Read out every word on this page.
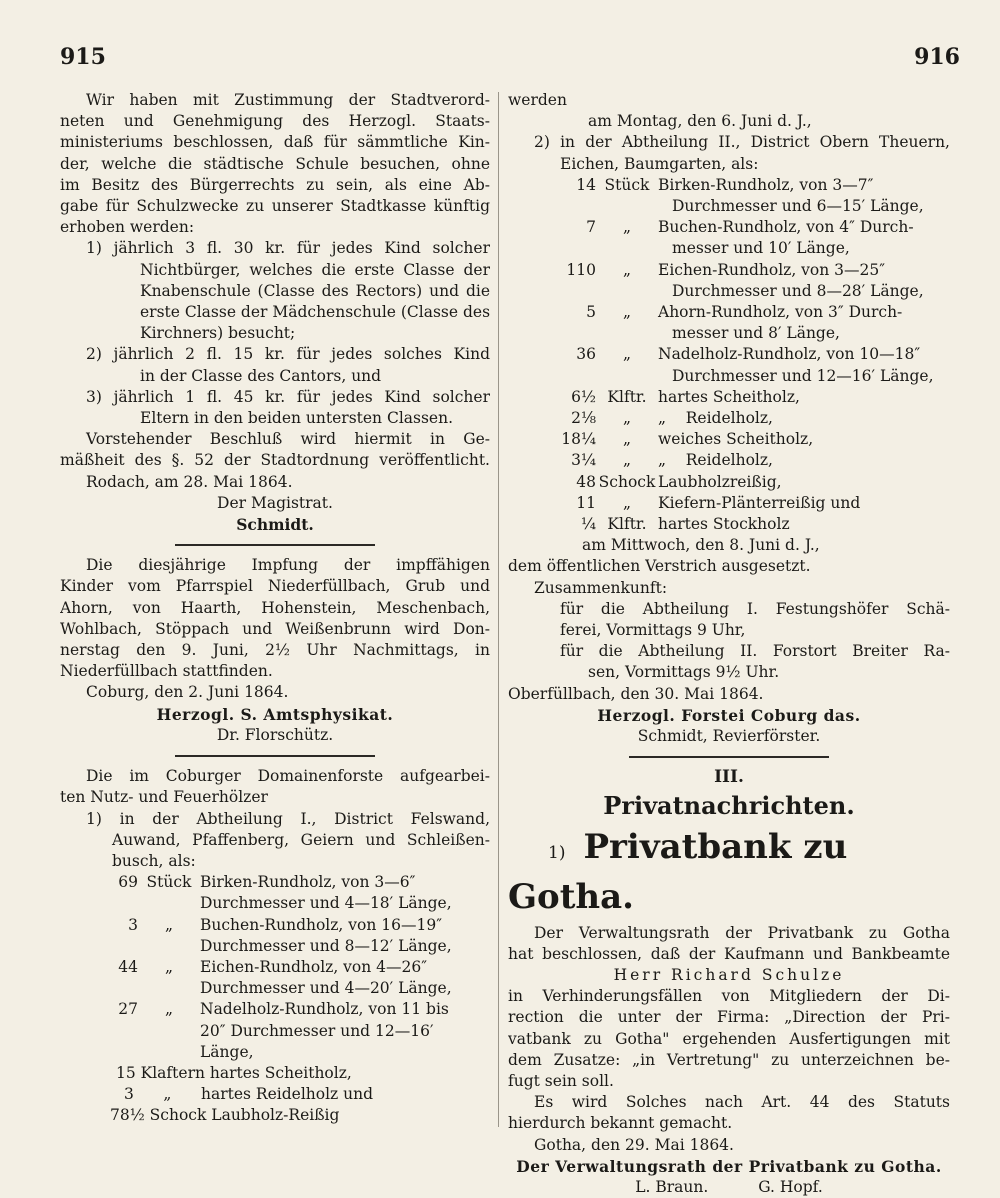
915	916
Wir haben mit Zustimmung der Stadtverord-
neten und Genehmigung des Herzogl. Staats-
ministeriums beschlossen, daß für sämmtliche Kin-
der, welche die städtische Schule besuchen, ohne
im Besitz des Bürgerrechts zu sein, als eine Ab-
gabe für Schulzwecke zu unserer Stadtkasse künftig
erhoben werden:
1) jährlich 3 fl. 30 kr. für jedes Kind solcher
Nichtbürger, welches die erste Classe der
Knabenschule (Classe des Rectors) und die
erste Classe der Mädchenschule (Classe des
Kirchners) besucht;
2) jährlich 2 fl. 15 kr. für jedes solches Kind
in der Classe des Cantors, und
3) jährlich 1 fl. 45 kr. für jedes Kind solcher
Eltern in den beiden untersten Classen.
Vorstehender Beschluß wird hiermit in Ge-
mäßheit des §. 52 der Stadtordnung veröffentlicht.
Rodach, am 28. Mai 1864.
Der Magistrat.
Schmidt.
Die diesjährige Impfung der impffähigen
Kinder vom Pfarrspiel Niederfüllbach, Grub und
Ahorn, von Haarth, Hohenstein, Meschenbach,
Wohlbach, Stöppach und Weißenbrunn wird Don-
nerstag den 9. Juni, 2½ Uhr Nachmittags, in
Niederfüllbach stattfinden.
Coburg, den 2. Juni 1864.
Herzogl. S. Amtsphysikat.
Dr. Florschütz.
Die im Coburger Domainenforste aufgearbei-
ten Nutz- und Feuerhölzer
1) in der Abtheilung I., District Felswand,
Auwand, Pfaffenberg, Geiern und Schleißen-
busch, als:
69 Stück Birken-Rundholz, von 3—6″
Durchmesser und 4—18′ Länge,
3	„	Buchen-Rundholz, von 16—19″
Durchmesser und 8—12′ Länge,
44	„	Eichen-Rundholz, von 4—26″
Durchmesser und 4—20′ Länge,
27	„	Nadelholz-Rundholz, von 11 bis
20″ Durchmesser und 12—16′
Länge,
15 Klaftern hartes Scheitholz,
3      „      hartes Reidelholz und
78½ Schock Laubholz-Reißig
werden
am Montag, den 6. Juni d. J.,
2) in der Abtheilung II., District Obern Theuern,
Eichen, Baumgarten, als:
14 Stück Birken-Rundholz, von 3—7″
Durchmesser und 6—15′ Länge,
7	„	Buchen-Rundholz, von 4″ Durch-
messer und 10′ Länge,
110	„	Eichen-Rundholz, von 3—25″
Durchmesser und 8—28′ Länge,
5	„	Ahorn-Rundholz, von 3″ Durch-
messer und 8′ Länge,
36	„	Nadelholz-Rundholz, von 10—18″
Durchmesser und 12—16′ Länge,
6½ Klftr. hartes Scheitholz,
2⅛	„	„    Reidelholz,
18¼	„	weiches Scheitholz,
3¼	„	„    Reidelholz,
48 Schock Laubholzreißig,
11	„	Kiefern-Plänterreißig und
¼ Klftr. hartes Stockholz
am Mittwoch, den 8. Juni d. J.,
dem öffentlichen Verstrich ausgesetzt.
Zusammenkunft:
für die Abtheilung I. Festungshöfer Schä-
ferei, Vormittags 9 Uhr,
für die Abtheilung II. Forstort Breiter Ra-
sen, Vormittags 9½ Uhr.
Oberfüllbach, den 30. Mai 1864.
Herzogl. Forstei Coburg das.
Schmidt, Revierförster.
III.
Privatnachrichten.
1) Privatbank zu Gotha.
Der Verwaltungsrath der Privatbank zu Gotha
hat beschlossen, daß der Kaufmann und Bankbeamte
Herr Richard Schulze
in Verhinderungsfällen von Mitgliedern der Di-
rection die unter der Firma: „Direction der Pri-
vatbank zu Gotha" ergehenden Ausfertigungen mit
dem Zusatze: „in Vertretung" zu unterzeichnen be-
fugt sein soll.
Es wird Solches nach Art. 44 des Statuts
hierdurch bekannt gemacht.
Gotha, den 29. Mai 1864.
Der Verwaltungsrath der Privatbank zu Gotha.
L. Braun.	G. Hopf.
